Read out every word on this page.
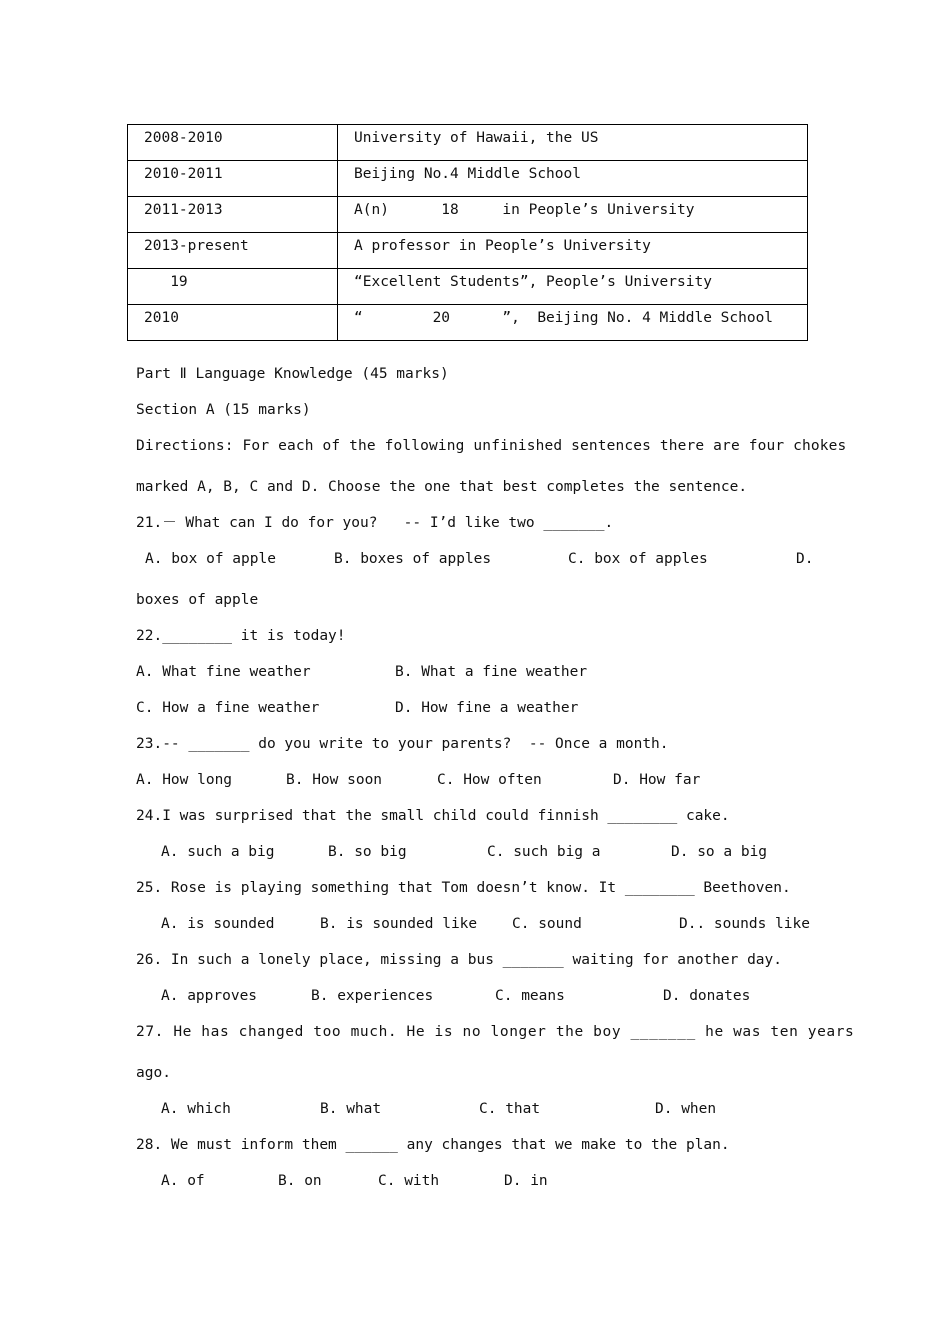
2008-2010	University of Hawaii, the US
2010-2011	Beijing No.4 Middle School
2011-2013	A(n)      18     in People’s University
2013-present	A professor in People’s University
19	“Excellent Students”, People’s University
2010	“        20      ”,  Beijing No. 4 Middle School
Part Ⅱ Language Knowledge (45 marks)
Section A (15 marks)
Directions: For each of the following unfinished sentences there are four chokes
marked A, B, C and D. Choose the one that best completes the sentence.
21.－ What can I do for you?   -- I’d like two _______.
A. box of apple	B. boxes of apples	C. box of apples	D.
boxes of apple
22.________ it is today!
A. What fine weather	B. What a fine weather
C. How a fine weather	D. How fine a weather
23.-- _______ do you write to your parents?  -- Once a month.
A. How long	B. How soon	C. How often	D. How far
24.I was surprised that the small child could finnish ________ cake.
A. such a big	B. so big	C. such big a	D. so a big
25. Rose is playing something that Tom doesn’t know. It ________ Beethoven.
A. is sounded	B. is sounded like C. sound	D.. sounds like
26. In such a lonely place, missing a bus _______ waiting for another day.
A. approves	B. experiences	C. means	D. donates
27. He has changed too much. He is no longer the boy _______ he was ten years
ago.
A. which	B. what	C. that	D. when
28. We must inform them ______ any changes that we make to the plan.
A. of	B. on	C. with	D. in
